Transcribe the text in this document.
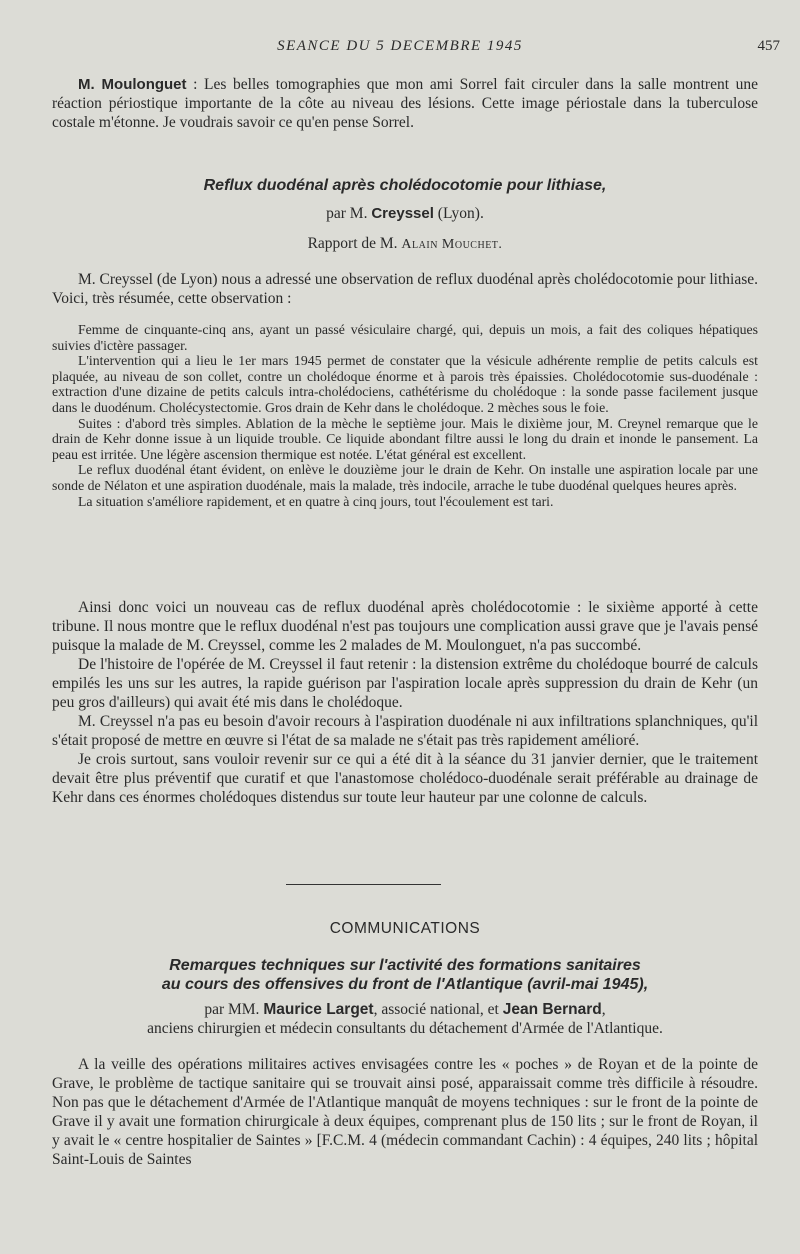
SEANCE DU 5 DECEMBRE 1945	457

M. Moulonguet : Les belles tomographies que mon ami Sorrel fait circuler dans la salle montrent une réaction périostique importante de la côte au niveau des lésions. Cette image périostale dans la tuberculose costale m'étonne. Je voudrais savoir ce qu'en pense Sorrel.

Reflux duodénal après cholédocotomie pour lithiase,

par M. Creyssel (Lyon).

Rapport de M. Alain Mouchet.

M. Creyssel (de Lyon) nous a adressé une observation de reflux duodénal après cholédocotomie pour lithiase. Voici, très résumée, cette observation :

Femme de cinquante-cinq ans, ayant un passé vésiculaire chargé, qui, depuis un mois, a fait des coliques hépatiques suivies d'ictère passager.

L'intervention qui a lieu le 1er mars 1945 permet de constater que la vésicule adhérente remplie de petits calculs est plaquée, au niveau de son collet, contre un cholédoque énorme et à parois très épaissies. Cholédocotomie sus-duodénale : extraction d'une dizaine de petits calculs intra-cholédociens, cathétérisme du cholédoque : la sonde passe facilement jusque dans le duodénum. Cholécystectomie. Gros drain de Kehr dans le cholédoque. 2 mèches sous le foie.

Suites : d'abord très simples. Ablation de la mèche le septième jour. Mais le dixième jour, M. Creynel remarque que le drain de Kehr donne issue à un liquide trouble. Ce liquide abondant filtre aussi le long du drain et inonde le pansement. La peau est irritée. Une légère ascension thermique est notée. L'état général est excellent.

Le reflux duodénal étant évident, on enlève le douzième jour le drain de Kehr. On installe une aspiration locale par une sonde de Nélaton et une aspiration duodénale, mais la malade, très indocile, arrache le tube duodénal quelques heures après.

La situation s'améliore rapidement, et en quatre à cinq jours, tout l'écoulement est tari.

Ainsi donc voici un nouveau cas de reflux duodénal après cholédocotomie : le sixième apporté à cette tribune. Il nous montre que le reflux duodénal n'est pas toujours une complication aussi grave que je l'avais pensé puisque la malade de M. Creyssel, comme les 2 malades de M. Moulonguet, n'a pas succombé.

De l'histoire de l'opérée de M. Creyssel il faut retenir : la distension extrême du cholédoque bourré de calculs empilés les uns sur les autres, la rapide guérison par l'aspiration locale après suppression du drain de Kehr (un peu gros d'ailleurs) qui avait été mis dans le cholédoque.

M. Creyssel n'a pas eu besoin d'avoir recours à l'aspiration duodénale ni aux infiltrations splanchniques, qu'il s'était proposé de mettre en œuvre si l'état de sa malade ne s'était pas très rapidement amélioré.

Je crois surtout, sans vouloir revenir sur ce qui a été dit à la séance du 31 janvier dernier, que le traitement devait être plus préventif que curatif et que l'anastomose cholédoco-duodénale serait préférable au drainage de Kehr dans ces énormes cholédoques distendus sur toute leur hauteur par une colonne de calculs.

COMMUNICATIONS

Remarques techniques sur l'activité des formations sanitaires

au cours des offensives du front de l'Atlantique (avril-mai 1945),

par MM. Maurice Larget, associé national, et Jean Bernard,

anciens chirurgien et médecin consultants du détachement d'Armée de l'Atlantique.

A la veille des opérations militaires actives envisagées contre les « poches » de Royan et de la pointe de Grave, le problème de tactique sanitaire qui se trouvait ainsi posé, apparaissait comme très difficile à résoudre. Non pas que le détachement d'Armée de l'Atlantique manquât de moyens techniques : sur le front de la pointe de Grave il y avait une formation chirurgicale à deux équipes, comprenant plus de 150 lits ; sur le front de Royan, il y avait le « centre hospitalier de Saintes » [F.C.M. 4 (médecin commandant Cachin) : 4 équipes, 240 lits ; hôpital Saint-Louis de Saintes
